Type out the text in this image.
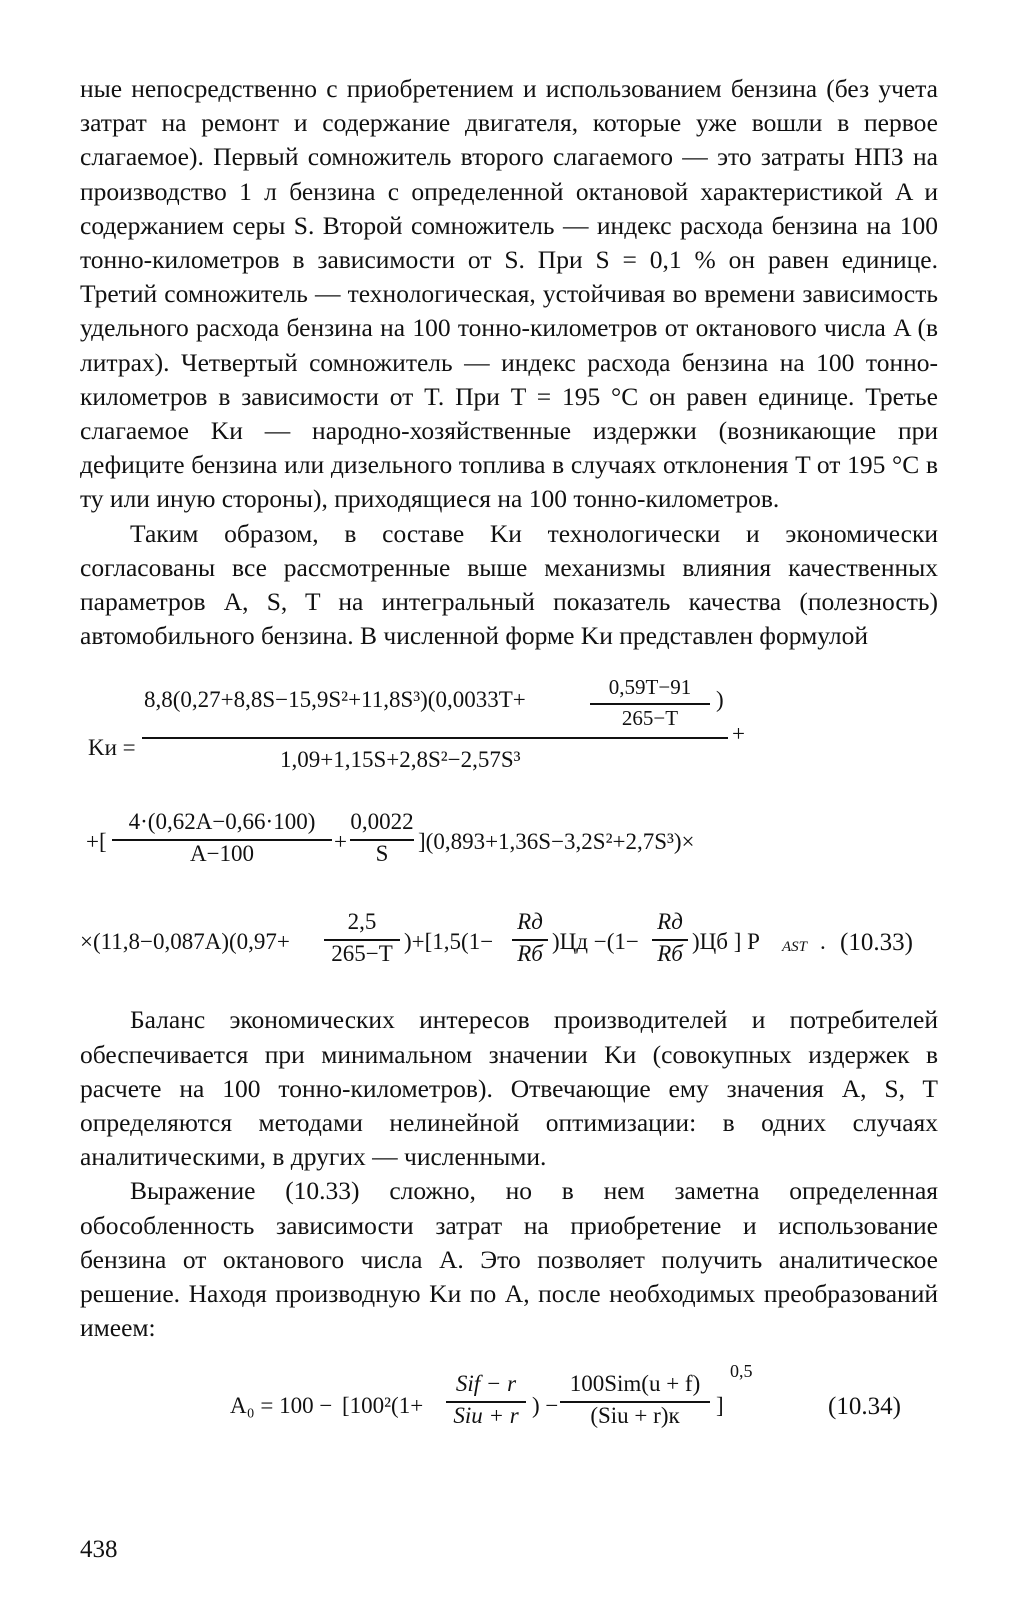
ные непосредственно с приобретением и использованием бензина (без учета затрат на ремонт и содержание двигателя, которые уже вошли в первое слагаемое). Первый сомножитель второго слагаемого — это затраты НПЗ на производство 1 л бензина с определенной октановой характеристикой A и содержанием серы S. Второй сомножитель — индекс расхода бензина на 100 тонно-километров в зависимости от S. При S = 0,1 % он равен единице. Третий сомножитель — технологическая, устойчивая во времени зависимость удельного расхода бензина на 100 тонно-километров от октанового числа A (в литрах). Четвертый сомножитель — индекс расхода бензина на 100 тонно-километров в зависимости от T. При T = 195 °С он равен единице. Третье слагаемое Kи — народно-хозяйственные издержки (возникающие при дефиците бензина или дизельного топлива в случаях отклонения T от 195 °С в ту или иную стороны), приходящиеся на 100 тонно-километров.

Таким образом, в составе Kи технологически и экономически согласованы все рассмотренные выше механизмы влияния качественных параметров A, S, T на интегральный показатель качества (полезность) автомобильного бензина. В численной форме Kи представлен формулой

Kи =
8,8(0,27+8,8S−15,9S²+11,8S³)(0,0033T+	0,59T−91
265−T
)
1,09+1,15S+2,8S²−2,57S³
+
+[
4·(0,62A−0,66·100)
A−100	+
0,0022
S	](0,893+1,36S−3,2S²+2,7S³)×
×(11,8−0,087A)(0,97+
2,5
265−T )+[1,5(1−
Rд
Rб )Цд −(1−
Rд
Rб )Цб ] P AST . (10.33)

Баланс экономических интересов производителей и потребителей обеспечивается при минимальном значении Kи (совокупных издержек в расчете на 100 тонно-километров). Отвечающие ему значения A, S, T определяются методами нелинейной оптимизации: в одних случаях аналитическими, в других — численными.

Выражение (10.33) сложно, но в нем заметна определенная обособленность зависимости затрат на приобретение и использование бензина от октанового числа A. Это позволяет получить аналитическое решение. Находя производную Kи по A, после необходимых преобразований имеем:

A₀ = 100 − [100²(1+
Sif − r
Siu + r ) −
100Sim(u + f)
(Siu + r)к	]
0,5
(10.34)
438
